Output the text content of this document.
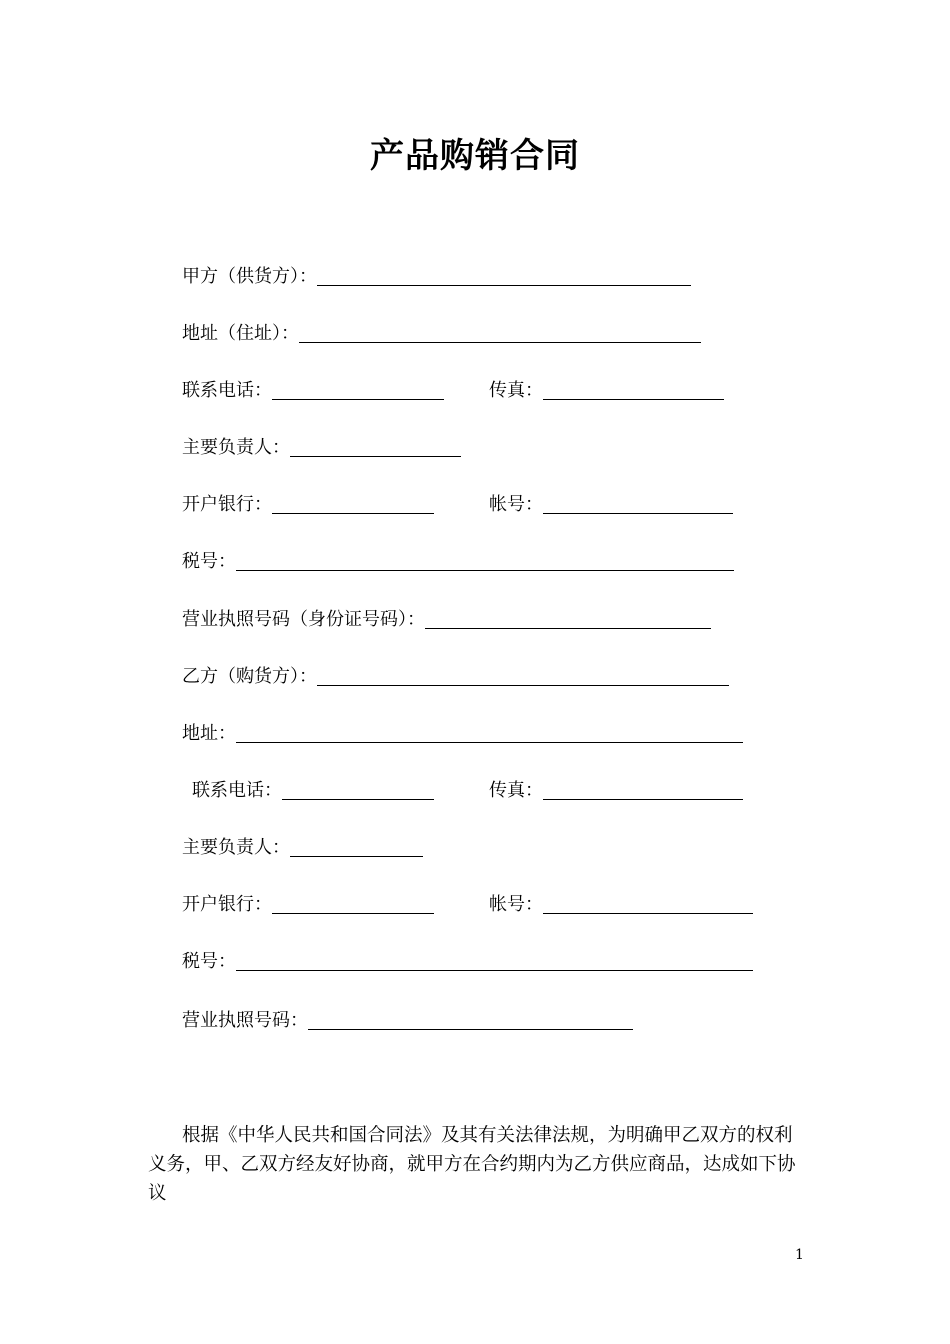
产品购销合同
甲方（供货方）：
地址（住址）：
联系电话：	传真：
主要负责人：
开户银行：	帐号：
税号：
营业执照号码（身份证号码）：
乙方（购货方）：
地址：
联系电话：	传真：
主要负责人：
开户银行：	帐号：
税号：
营业执照号码：

根据《中华人民共和国合同法》及其有关法律法规，为明确甲乙双方的权利

义务，甲、乙双方经友好协商，就甲方在合约期内为乙方供应商品，达成如下协议

1
